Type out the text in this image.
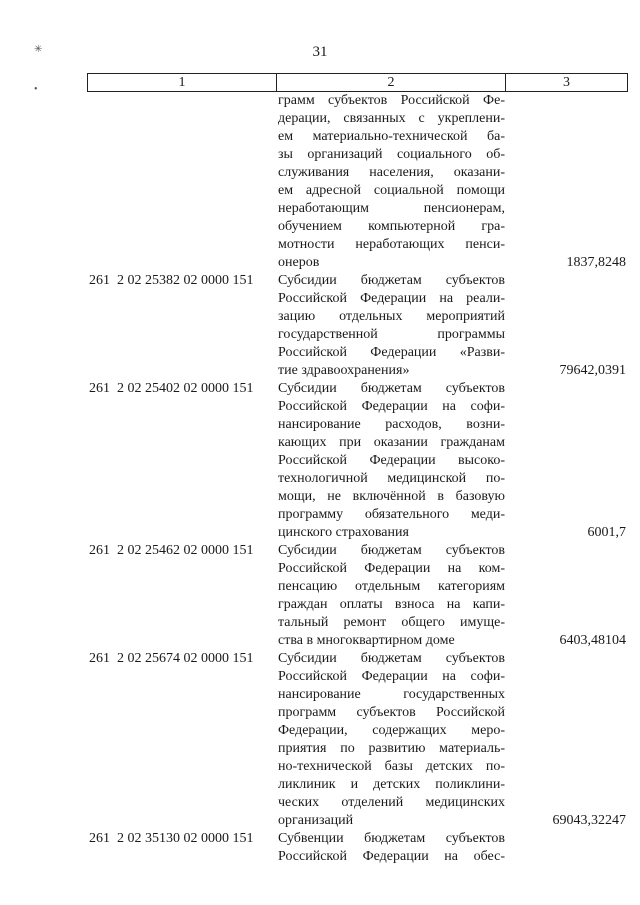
✳
•
31
1	2	3
грамм субъектов Российской Фе-
дерации, связанных с укреплени-
ем материально-технической ба-
зы организаций социального об-
служивания населения, оказани-
ем адресной социальной помощи
неработающим пенсионерам,
обучением компьютерной гра-
мотности неработающих пенси-
онеров	1837,8248
261  2 02 25382 02 0000 151	Субсидии бюджетам субъектов
Российской Федерации на реали-
зацию отдельных мероприятий
государственной программы
Российской Федерации «Разви-
тие здравоохранения»	79642,0391
261  2 02 25402 02 0000 151	Субсидии бюджетам субъектов
Российской Федерации на софи-
нансирование расходов, возни-
кающих при оказании гражданам
Российской Федерации высоко-
технологичной медицинской по-
мощи, не включённой в базовую
программу обязательного меди-
цинского страхования	6001,7
261  2 02 25462 02 0000 151	Субсидии бюджетам субъектов
Российской Федерации на ком-
пенсацию отдельным категориям
граждан оплаты взноса на капи-
тальный ремонт общего имуще-
ства в многоквартирном доме	6403,48104
261  2 02 25674 02 0000 151	Субсидии бюджетам субъектов
Российской Федерации на софи-
нансирование государственных
программ субъектов Российской
Федерации, содержащих меро-
приятия по развитию материаль-
но-технической базы детских по-
ликлиник и детских поликлини-
ческих отделений медицинских
организаций	69043,32247
261  2 02 35130 02 0000 151	Субвенции бюджетам субъектов
Российской Федерации на обес-
